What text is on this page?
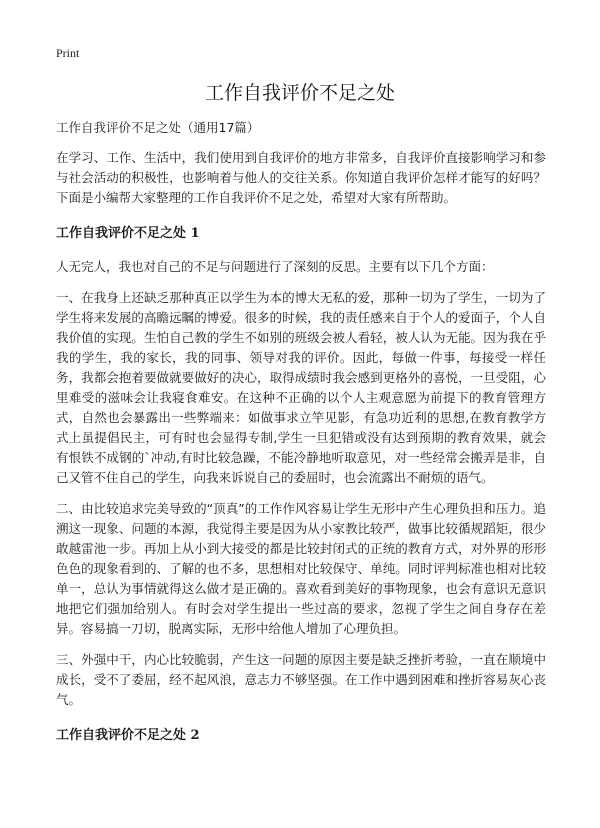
Print
工作自我评价不足之处
工作自我评价不足之处（通用17篇）

在学习、工作、生活中，我们使用到自我评价的地方非常多，自我评价直接影响学习和参与社会活动的积极性，也影响着与他人的交往关系。你知道自我评价怎样才能写的好吗？下面是小编帮大家整理的工作自我评价不足之处，希望对大家有所帮助。

工作自我评价不足之处 1

人无完人，我也对自己的不足与问题进行了深刻的反思。主要有以下几个方面：

一、在我身上还缺乏那种真正以学生为本的博大无私的爱，那种一切为了学生，一切为了学生将来发展的高瞻远瞩的博爱。很多的时候，我的责任感来自于个人的爱面子，个人自我价值的实现。生怕自己教的学生不如别的班级会被人看轻，被人认为无能。因为我在乎我的学生，我的家长，我的同事、领导对我的评价。因此，每做一件事，每接受一样任务，我都会抱着要做就要做好的决心，取得成绩时我会感到更格外的喜悦，一旦受阻，心里难受的滋味会让我寝食难安。在这种不正确的以个人主观意愿为前提下的教育管理方式，自然也会暴露出一些弊端来：如做事求立竿见影，有急功近利的思想,在教育教学方式上虽提倡民主，可有时也会显得专制,学生一旦犯错或没有达到预期的教育效果，就会有恨铁不成钢的`冲动,有时比较急躁，不能冷静地听取意见，对一些经常会搬弄是非，自己又管不住自己的学生，向我来诉说自己的委屈时，也会流露出不耐烦的语气。

二、由比较追求完美导致的“顶真”的工作作风容易让学生无形中产生心理负担和压力。追溯这一现象、问题的本源，我觉得主要是因为从小家教比较严，做事比较循规蹈矩，很少敢越雷池一步。再加上从小到大接受的都是比较封闭式的正统的教育方式，对外界的形形色色的现象看到的、了解的也不多，思想相对比较保守、单纯。同时评判标准也相对比较单一，总认为事情就得这么做才是正确的。喜欢看到美好的事物现象，也会有意识无意识地把它们强加给别人。有时会对学生提出一些过高的要求，忽视了学生之间自身存在差异。容易搞一刀切，脱离实际，无形中给他人增加了心理负担。

三、外强中干，内心比较脆弱，产生这一问题的原因主要是缺乏挫折考验，一直在顺境中成长，受不了委屈，经不起风浪，意志力不够坚强。在工作中遇到困难和挫折容易灰心丧气。

工作自我评价不足之处 2
